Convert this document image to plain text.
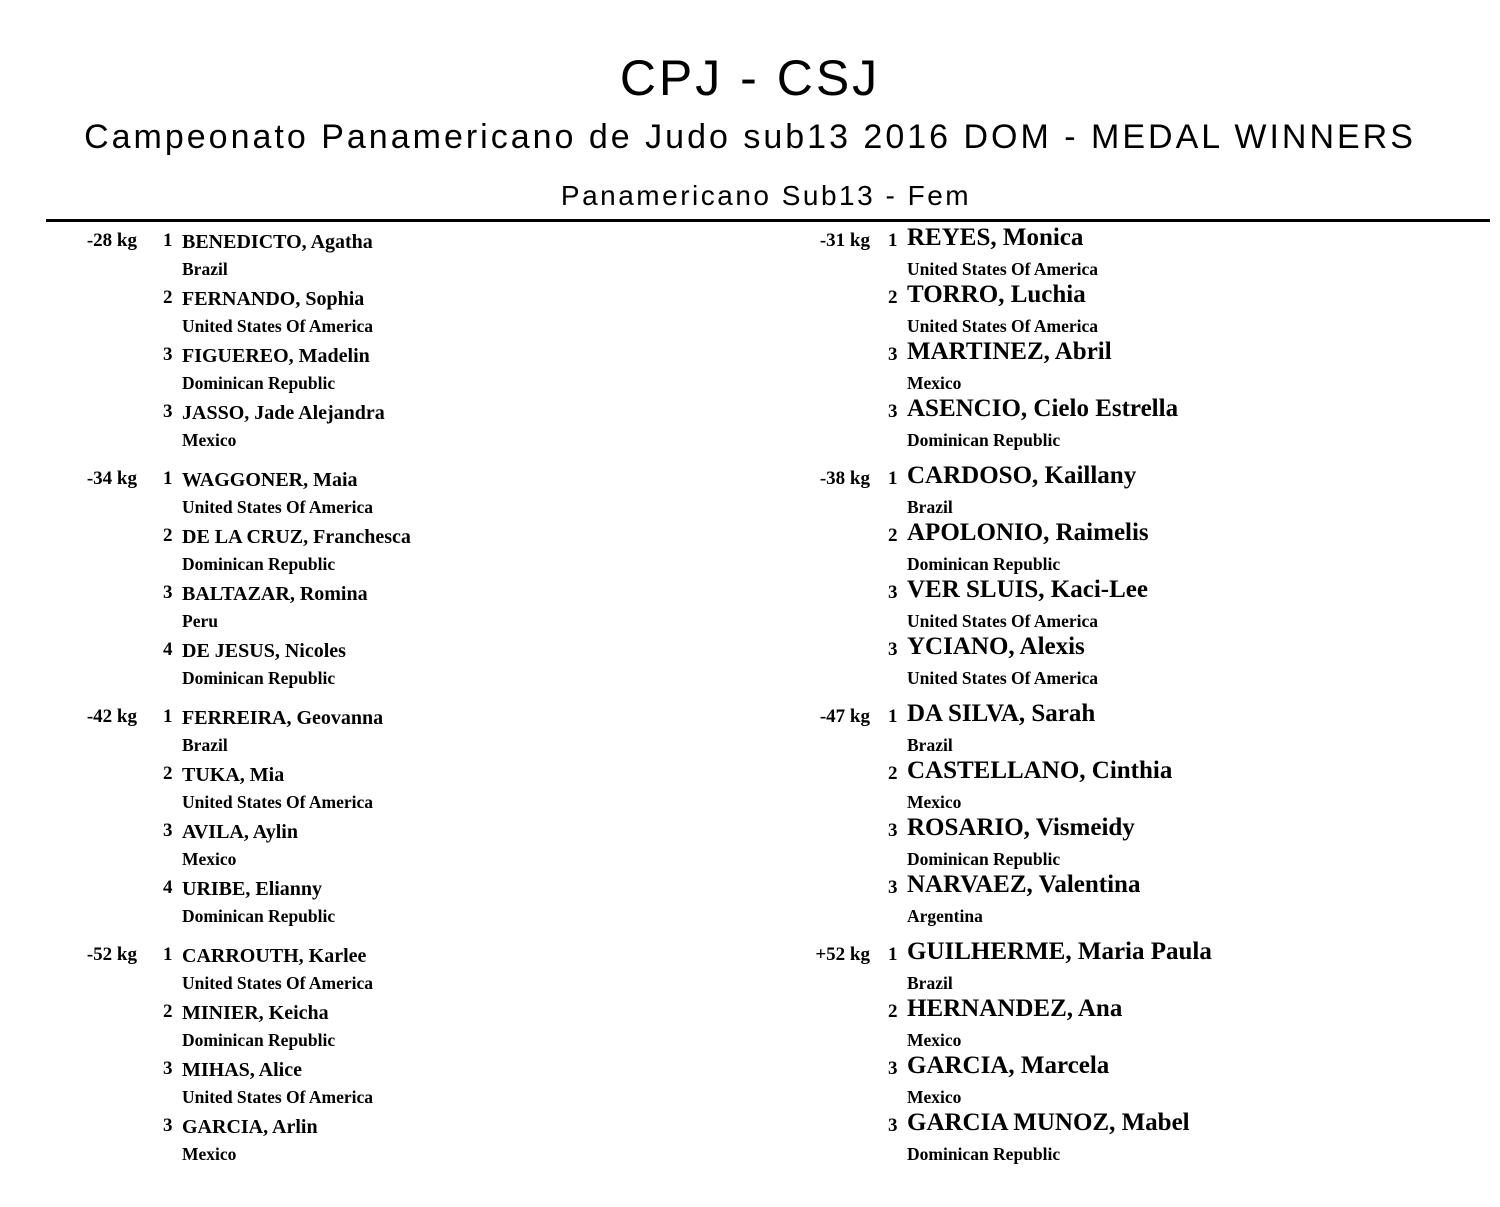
CPJ - CSJ
Campeonato Panamericano de Judo sub13 2016 DOM - MEDAL WINNERS
Panamericano Sub13 - Fem
-28 kg 1 BENEDICTO, Agatha
Brazil
2 FERNANDO, Sophia
United States Of America
3 FIGUEREO, Madelin
Dominican Republic
3 JASSO, Jade Alejandra
Mexico
-34 kg 1 WAGGONER, Maia
United States Of America
2 DE LA CRUZ, Franchesca
Dominican Republic
3 BALTAZAR, Romina
Peru
4 DE JESUS, Nicoles
Dominican Republic
-42 kg 1 FERREIRA, Geovanna
Brazil
2 TUKA, Mia
United States Of America
3 AVILA, Aylin
Mexico
4 URIBE, Elianny
Dominican Republic
-52 kg 1 CARROUTH, Karlee
United States Of America
2 MINIER, Keicha
Dominican Republic
3 MIHAS, Alice
United States Of America
3 GARCIA, Arlin
Mexico
-31 kg 1 REYES, Monica
United States Of America
2 TORRO, Luchia
United States Of America
3 MARTINEZ, Abril
Mexico
3 ASENCIO, Cielo Estrella
Dominican Republic
-38 kg 1 CARDOSO, Kaillany
Brazil
2 APOLONIO, Raimelis
Dominican Republic
3 VER SLUIS, Kaci-Lee
United States Of America
3 YCIANO, Alexis
United States Of America
-47 kg 1 DA SILVA, Sarah
Brazil
2 CASTELLANO, Cinthia
Mexico
3 ROSARIO, Vismeidy
Dominican Republic
3 NARVAEZ, Valentina
Argentina
+52 kg 1 GUILHERME, Maria Paula
Brazil
2 HERNANDEZ, Ana
Mexico
3 GARCIA, Marcela
Mexico
3 GARCIA MUNOZ, Mabel
Dominican Republic
